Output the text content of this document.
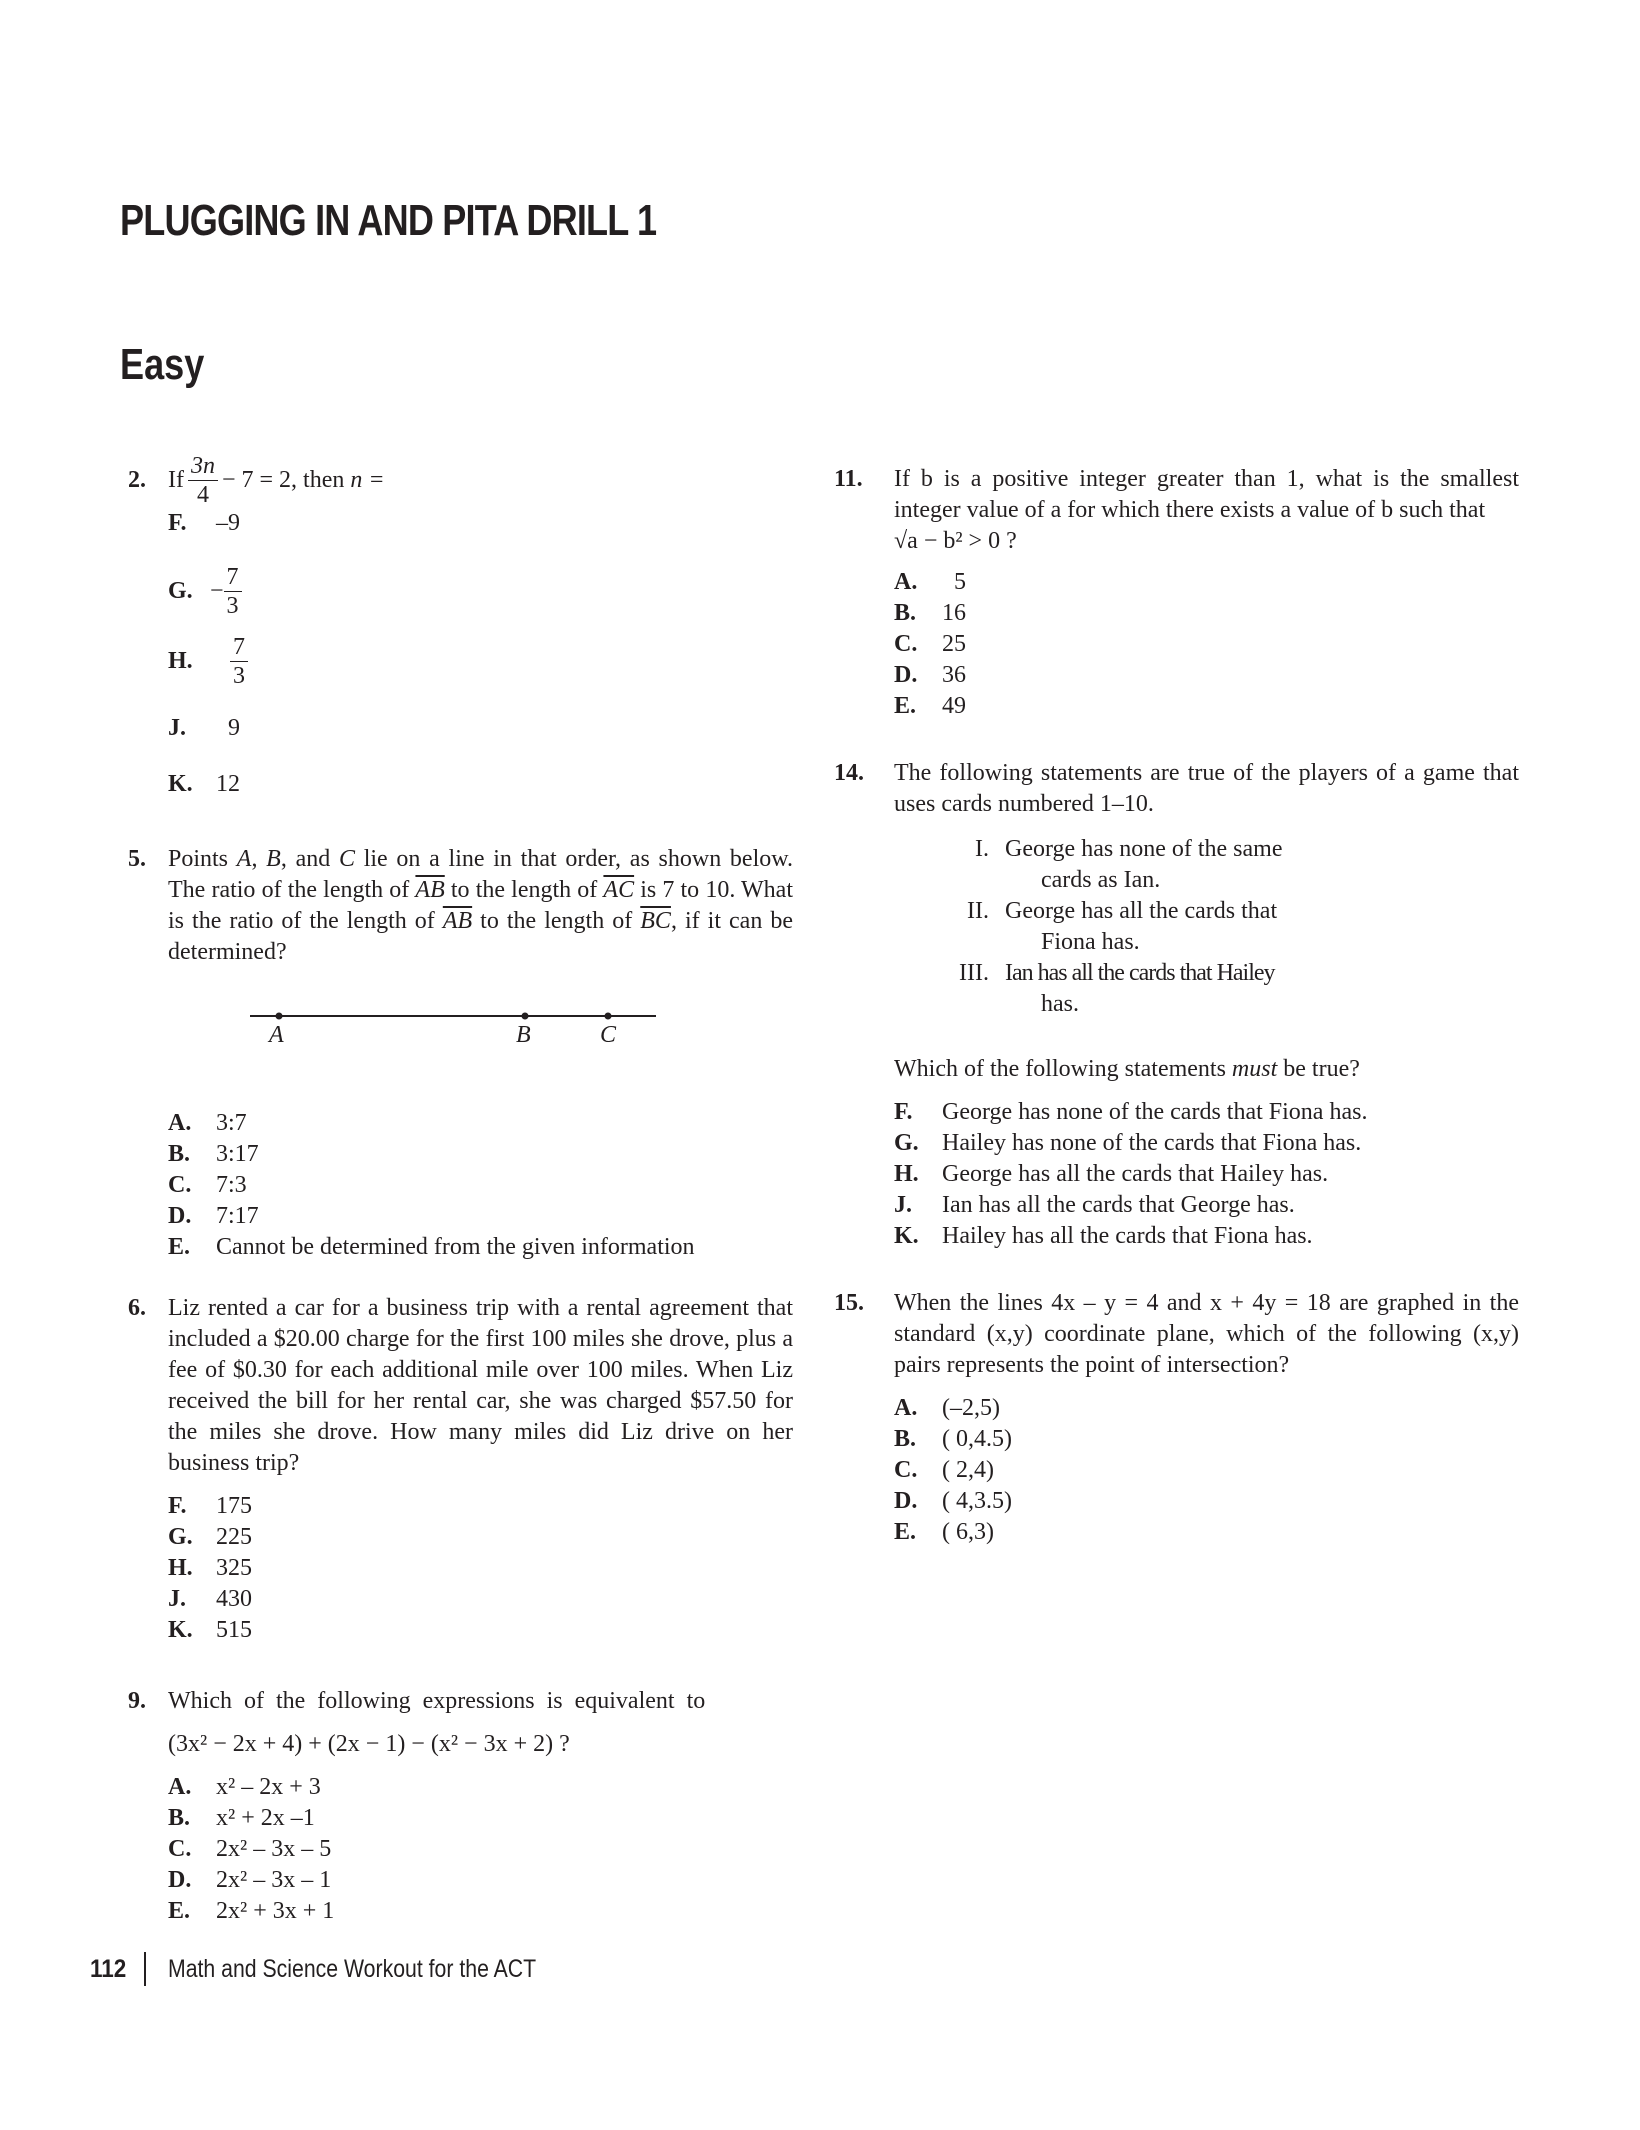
PLUGGING IN AND PITA DRILL 1
Easy
2. If $\frac{3n}{4} - 7 = 2$, then
n =
F.	–9
G. − $\frac{7}{3}$
H.	$\frac{7}{3}$
J.	9
K. 12
5. Points A, B, and C lie on a line in that order, as shown below. The ratio of the length of $\overline{AB}$ to the length of $\overline{AC}$ is 7 to 10. What is the ratio of the length of $\overline{AB}$ to the length of $\overline{BC}$, if it can be determined?
A	B	C
A.	3:7
B.	3:17
C.	7:3
D.	7:17
E.	Cannot be determined from the given information
6. Liz rented a car for a business trip with a rental agreement that included a $20.00 charge for the first 100 miles she drove, plus a fee of $0.30 for each additional mile over 100 miles. When Liz received the bill for her rental car, she was charged $57.50 for the miles she drove. How many miles did Liz drive on her business trip?
F.	175
G. 225
H. 325
J.	430
K. 515
9. Which of the following expressions is equivalent to
(3x² − 2x + 4) + (2x − 1) − (x² − 3x + 2) ?
A.	x² – 2x + 3
B.	x² + 2x –1
C.	2x² – 3x – 5
D.	2x² – 3x – 1
E.	2x² + 3x + 1
11. If b is a positive integer greater than 1, what is the smallest integer value of a for which there exists a value of b such that
√a − b² > 0 ?
A.	5
B.	16
C.	25
D.	36
E.	49
14. The following statements are true of the players of a game that uses cards numbered 1–10.
I. George has none of the same
cards as Ian.
II. George has all the cards that
Fiona has.
III. Ian has all the cards that Hailey
has.
Which of the following statements must be true?
F.	George has none of the cards that Fiona has.
G. Hailey has none of the cards that Fiona has.
H. George has all the cards that Hailey has.
J.	Ian has all the cards that George has.
K. Hailey has all the cards that Fiona has.
15. When the lines 4x – y = 4 and x + 4y = 18 are graphed in the standard (x,y) coordinate plane, which of the following (x,y) pairs represents the point of intersection?
A.	(–2,5)
B.	( 0,4.5)
C.	( 2,4)
D.	( 4,3.5)
E.	( 6,3)
112 Math and Science Workout for the ACT
